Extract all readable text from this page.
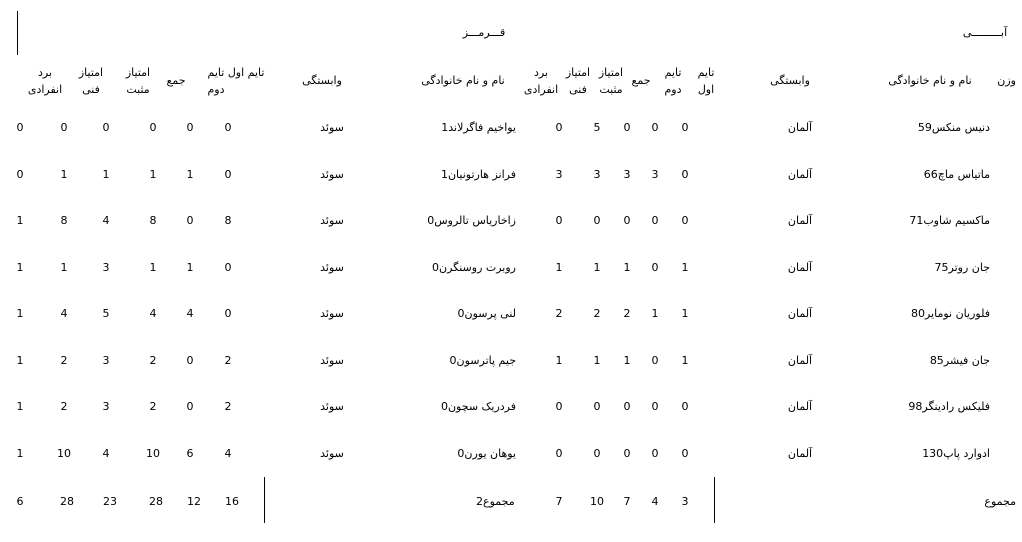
آبـــــــــی
قـــرمـــز
وزن
نام و نام خانوادگی
وابستگی
تایم
اول
تایم
دوم
جمع
امتیاز
مثبت
امتیاز
فنی
برد
انفرادی
نام و نام خانوادگی
وابستگی
تایم اول تایم
دوم
جمع
امتیاز
مثبت
امتیاز
فنی
برد
انفرادی
59دنیس منکس
آلمان
0
0
0
5
0
1یواخیم فاگرلاند
سوئد
0
0
0
0
0
0
66ماتیاس ماچ
آلمان
0
3
3
3
3
1فرانز هارتونیان
سوئد
0
1
1
1
1
0
71ماکسیم شاوب
آلمان
0
0
0
0
0
0زاخاریاس تالروس
سوئد
8
0
8
4
8
1
75جان روتر
آلمان
1
0
1
1
1
0روبرت روسنگرن
سوئد
0
1
1
3
1
1
80فلوریان نومایر
آلمان
1
1
2
2
2
0لنی پرسون
سوئد
0
4
4
5
4
1
85جان فیشر
آلمان
1
0
1
1
1
0جیم پاترسون
سوئد
2
0
2
3
2
1
98فلیکس رادینگر
آلمان
0
0
0
0
0
0فردریک سچون
سوئد
2
0
2
3
2
1
130ادوارد پاپ
آلمان
0
0
0
0
0
0یوهان یورن
سوئد
4
6
10
4
10
1
مجموع
3
4
7
10
7
2مجموع
16
12
28
23
28
6
